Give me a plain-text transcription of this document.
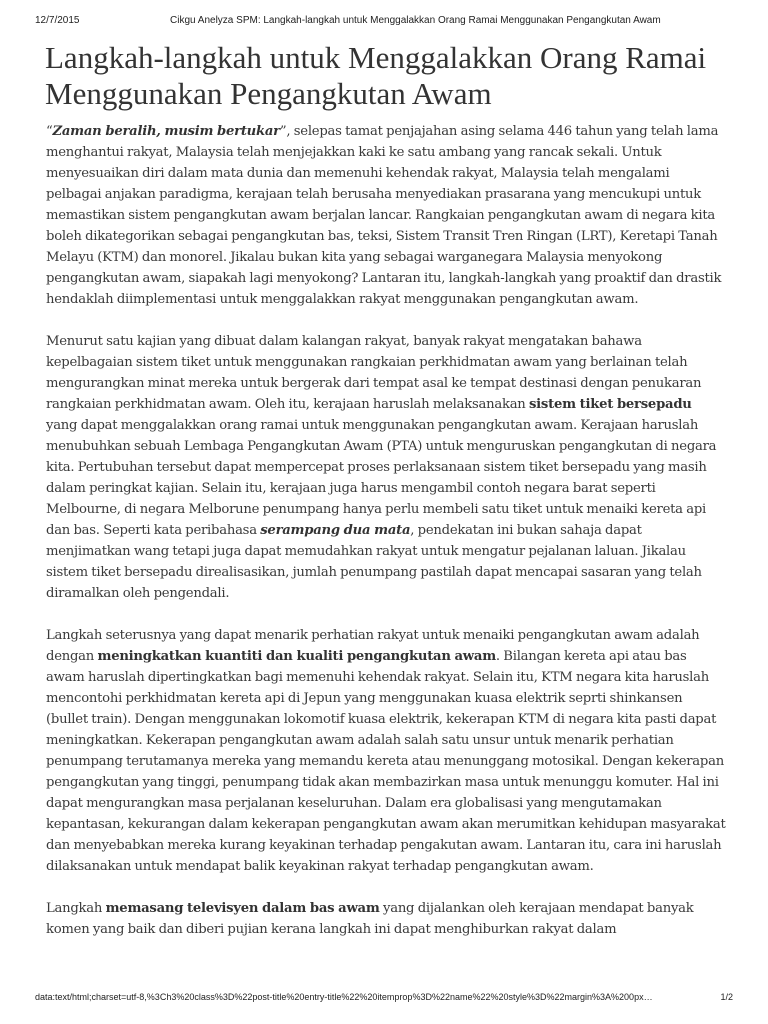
12/7/2015	Cikgu Anelyza SPM: Langkah-langkah untuk Menggalakkan Orang Ramai Menggunakan Pengangkutan Awam
Langkah-langkah untuk Menggalakkan Orang Ramai Menggunakan Pengangkutan Awam

“Zaman beralih, musim bertukar”, selepas tamat penjajahan asing selama 446 tahun yang telah lama menghantui rakyat, Malaysia telah menjejakkan kaki ke satu ambang yang rancak sekali. Untuk menyesuaikan diri dalam mata dunia dan memenuhi kehendak rakyat, Malaysia telah mengalami pelbagai anjakan paradigma, kerajaan telah berusaha menyediakan prasarana yang mencukupi untuk memastikan sistem pengangkutan awam berjalan lancar. Rangkaian pengangkutan awam di negara kita boleh dikategorikan sebagai pengangkutan bas, teksi, Sistem Transit Tren Ringan (LRT), Keretapi Tanah Melayu (KTM) dan monorel. Jikalau bukan kita yang sebagai warganegara Malaysia menyokong pengangkutan awam, siapakah lagi menyokong? Lantaran itu, langkah-langkah yang proaktif dan drastik hendaklah diimplementasi untuk menggalakkan rakyat menggunakan pengangkutan awam.

Menurut satu kajian yang dibuat dalam kalangan rakyat, banyak rakyat mengatakan bahawa kepelbagaian sistem tiket untuk menggunakan rangkaian perkhidmatan awam yang berlainan telah mengurangkan minat mereka untuk bergerak dari tempat asal ke tempat destinasi dengan penukaran rangkaian perkhidmatan awam. Oleh itu, kerajaan haruslah melaksanakan sistem tiket bersepadu yang dapat menggalakkan orang ramai untuk menggunakan pengangkutan awam. Kerajaan haruslah menubuhkan sebuah Lembaga Pengangkutan Awam (PTA) untuk menguruskan pengangkutan di negara kita. Pertubuhan tersebut dapat mempercepat proses perlaksanaan sistem tiket bersepadu yang masih dalam peringkat kajian. Selain itu, kerajaan juga harus mengambil contoh negara barat seperti Melbourne, di negara Melborune penumpang hanya perlu membeli satu tiket untuk menaiki kereta api dan bas. Seperti kata peribahasa serampang dua mata, pendekatan ini bukan sahaja dapat menjimatkan wang tetapi juga dapat memudahkan rakyat untuk mengatur pejalanan laluan. Jikalau sistem tiket bersepadu direalisasikan, jumlah penumpang pastilah dapat mencapai sasaran yang telah diramalkan oleh pengendali.

Langkah seterusnya yang dapat menarik perhatian rakyat untuk menaiki pengangkutan awam adalah dengan meningkatkan kuantiti dan kualiti pengangkutan awam. Bilangan kereta api atau bas awam haruslah dipertingkatkan bagi memenuhi kehendak rakyat. Selain itu, KTM negara kita haruslah mencontohi perkhidmatan kereta api di Jepun yang menggunakan kuasa elektrik seprti shinkansen (bullet train). Dengan menggunakan lokomotif kuasa elektrik, kekerapan KTM di negara kita pasti dapat meningkatkan. Kekerapan pengangkutan awam adalah salah satu unsur untuk menarik perhatian penumpang terutamanya mereka yang memandu kereta atau menunggang motosikal. Dengan kekerapan pengangkutan yang tinggi, penumpang tidak akan membazirkan masa untuk menunggu komuter. Hal ini dapat mengurangkan masa perjalanan keseluruhan. Dalam era globalisasi yang mengutamakan kepantasan, kekurangan dalam kekerapan pengangkutan awam akan merumitkan kehidupan masyarakat dan menyebabkan mereka kurang keyakinan terhadap pengakutan awam. Lantaran itu, cara ini haruslah dilaksanakan untuk mendapat balik keyakinan rakyat terhadap pengangkutan awam.

Langkah memasang televisyen dalam bas awam yang dijalankan oleh kerajaan mendapat banyak komen yang baik dan diberi pujian kerana langkah ini dapat menghiburkan rakyat dalam

data:text/html;charset=utf-8,%3Ch3%20class%3D%22post-title%20entry-title%22%20itemprop%3D%22name%22%20style%3D%22margin%3A%200px…	1/2
